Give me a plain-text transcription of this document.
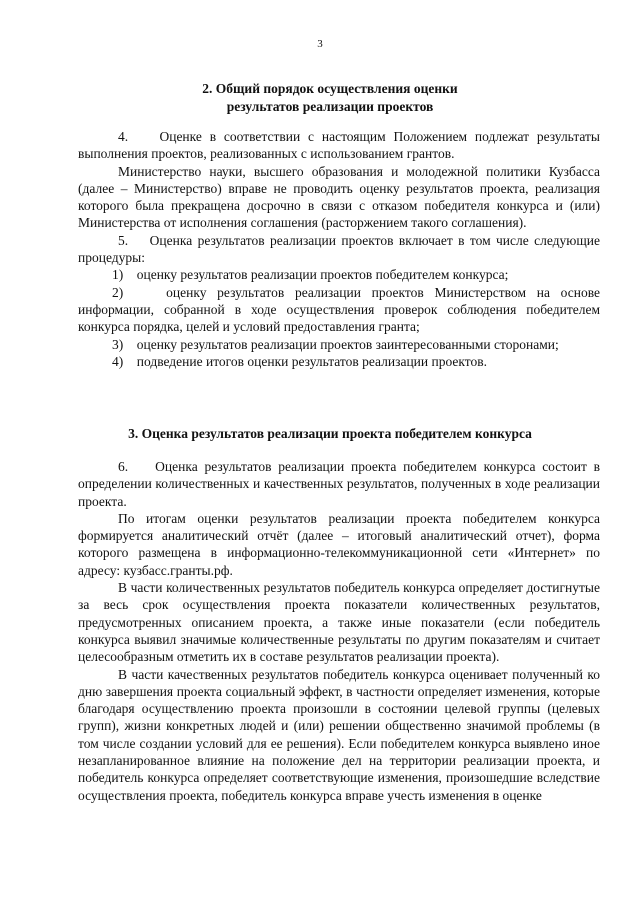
3
2. Общий порядок осуществления оценки
результатов реализации проектов

4.    Оценке в соответствии с настоящим Положением подлежат результаты выполнения проектов, реализованных с использованием грантов.

Министерство науки, высшего образования и молодежной политики Кузбасса (далее – Министерство) вправе не проводить оценку результатов проекта, реализация которого была прекращена досрочно в связи с отказом победителя конкурса и (или) Министерства от исполнения соглашения (расторжением такого соглашения).

5.    Оценка результатов реализации проектов включает в том числе следующие процедуры:

1)    оценку результатов реализации проектов победителем конкурса;

2)    оценку результатов реализации проектов Министерством на основе информации, собранной в ходе осуществления проверок соблюдения победителем конкурса порядка, целей и условий предоставления гранта;

3)    оценку результатов реализации проектов заинтересованными сторонами;

4)    подведение итогов оценки результатов реализации проектов.

3. Оценка результатов реализации проекта победителем конкурса

6.    Оценка результатов реализации проекта победителем конкурса состоит в определении количественных и качественных результатов, полученных в ходе реализации проекта.

По итогам оценки результатов реализации проекта победителем конкурса формируется аналитический отчёт (далее – итоговый аналитический отчет), форма которого размещена в информационно-телекоммуникационной сети «Интернет» по адресу: кузбасс.гранты.рф.

В части количественных результатов победитель конкурса определяет достигнутые за весь срок осуществления проекта показатели количественных результатов, предусмотренных описанием проекта, а также иные показатели (если победитель конкурса выявил значимые количественные результаты по другим показателям и считает целесообразным отметить их в составе результатов реализации проекта).

В части качественных результатов победитель конкурса оценивает полученный ко дню завершения проекта социальный эффект, в частности определяет изменения, которые благодаря осуществлению проекта произошли в состоянии целевой группы (целевых групп), жизни конкретных людей и (или) решении общественно значимой проблемы (в том числе создании условий для ее решения). Если победителем конкурса выявлено иное незапланированное влияние на положение дел на территории реализации проекта, и победитель конкурса определяет соответствующие изменения, произошедшие вследствие осуществления проекта, победитель конкурса вправе учесть изменения в оценке
